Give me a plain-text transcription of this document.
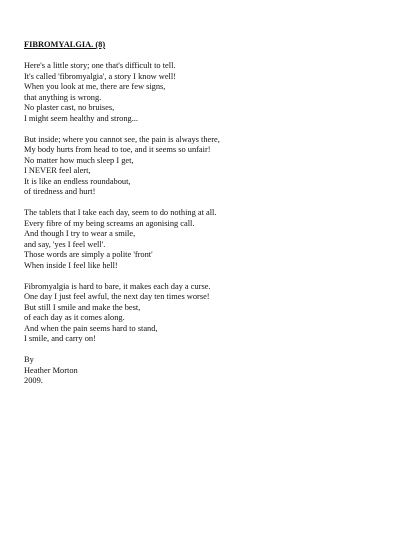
FIBROMYALGIA. (8)
Here's a little story; one that's difficult to tell.
It's called 'fibromyalgia', a story I know well!
When you look at me, there are few signs,
that anything is wrong.
No plaster cast, no bruises,
I might seem healthy and strong...
But inside; where you cannot see, the pain is always there,
My body hurts from head to toe, and it seems so unfair!
No matter how much sleep I get,
I NEVER feel alert,
It is like an endless roundabout,
of tiredness and hurt!
The tablets that I take each day, seem to do nothing at all.
Every fibre of my being screams an agonising call.
And though I try to wear a smile,
and say, 'yes I feel well'.
Those words are simply a polite 'front'
When inside I feel like hell!
Fibromyalgia is hard to bare, it makes each day a curse.
One day I just feel awful, the next day ten times worse!
But still I smile and make the best,
of each day as it comes along.
And when the pain seems hard to stand,
I smile, and carry on!
By
Heather Morton
2009.
